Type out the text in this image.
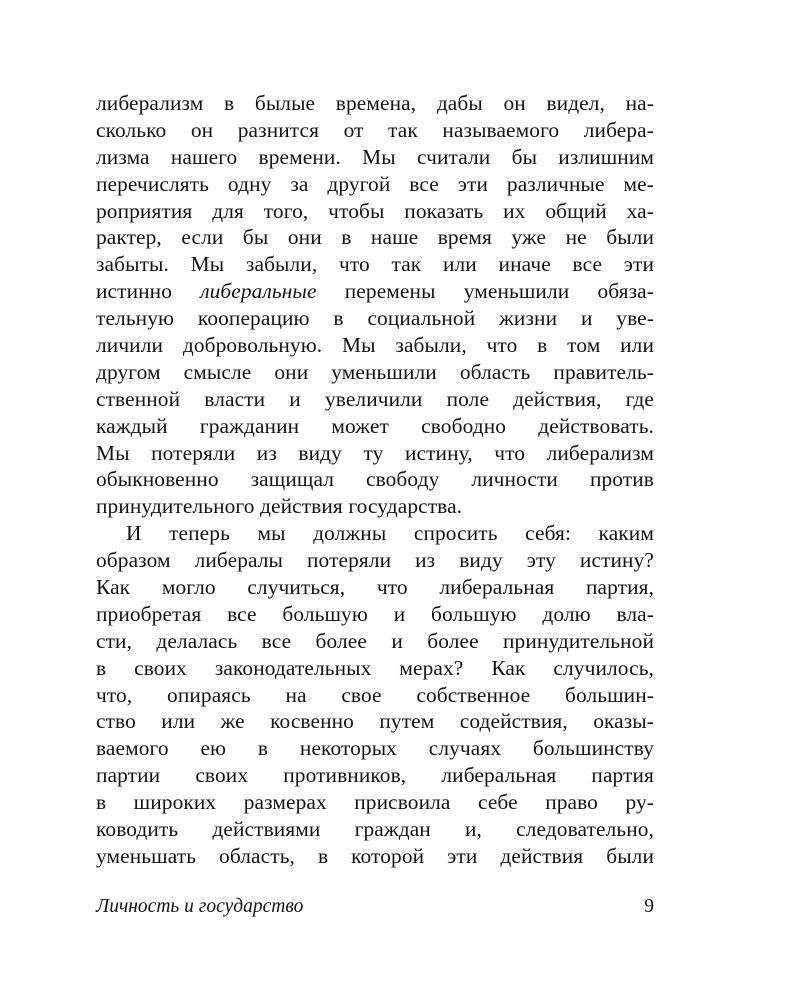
либерализм в былые времена, дабы он видел, на-
сколько он разнится от так называемого либера-
лизма нашего времени. Мы считали бы излишним
перечислять одну за другой все эти различные ме-
роприятия для того, чтобы показать их общий ха-
рактер, если бы они в наше время уже не были
забыты. Мы забыли, что так или иначе все эти
истинно либеральные перемены уменьшили обяза-
тельную кооперацию в социальной жизни и уве-
личили добровольную. Мы забыли, что в том или
другом смысле они уменьшили область правитель-
ственной власти и увеличили поле действия, где
каждый гражданин может свободно действовать.
Мы потеряли из виду ту истину, что либерализм
обыкновенно защищал свободу личности против
принудительного действия государства.
И теперь мы должны спросить себя: каким
образом либералы потеряли из виду эту истину?
Как могло случиться, что либеральная партия,
приобретая все большую и большую долю вла-
сти, делалась все более и более принудительной
в своих законодательных мерах? Как случилось,
что, опираясь на свое собственное большин-
ство или же косвенно путем содействия, оказы-
ваемого ею в некоторых случаях большинству
партии своих противников, либеральная партия
в широких размерах присвоила себе право ру-
ководить действиями граждан и, следовательно,
уменьшать область, в которой эти действия были
Личность и государство	9
